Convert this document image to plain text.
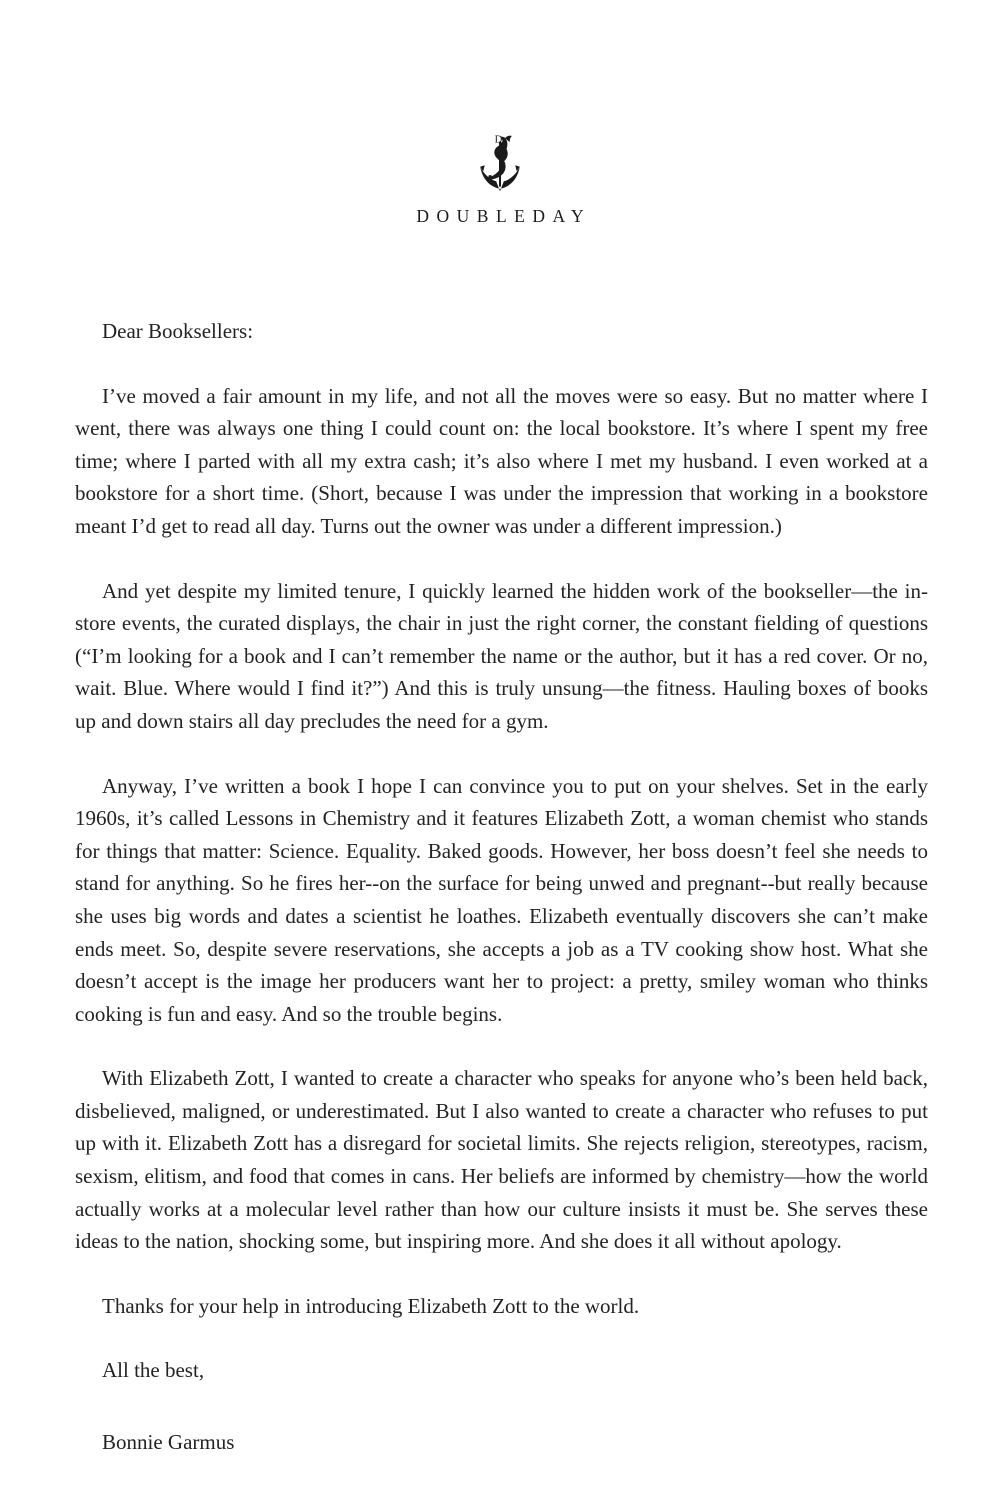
D
DOUBLEDAY

Dear Booksellers:

I’ve moved a fair amount in my life, and not all the moves were so easy. But no matter where I went, there was always one thing I could count on: the local bookstore. It’s where I spent my free time; where I parted with all my extra cash; it’s also where I met my husband. I even worked at a bookstore for a short time. (Short, because I was under the impression that working in a bookstore meant I’d get to read all day. Turns out the owner was under a different impression.)

And yet despite my limited tenure, I quickly learned the hidden work of the bookseller—the in-store events, the curated displays, the chair in just the right corner, the constant fielding of questions (“I’m looking for a book and I can’t remember the name or the author, but it has a red cover. Or no, wait. Blue. Where would I find it?”) And this is truly unsung—the fitness. Hauling boxes of books up and down stairs all day precludes the need for a gym.

Anyway, I’ve written a book I hope I can convince you to put on your shelves. Set in the early 1960s, it’s called Lessons in Chemistry and it features Elizabeth Zott, a woman chemist who stands for things that matter: Science. Equality. Baked goods. However, her boss doesn’t feel she needs to stand for anything. So he fires her--on the surface for being unwed and pregnant--but really because she uses big words and dates a scientist he loathes. Elizabeth eventually discovers she can’t make ends meet. So, despite severe reservations, she accepts a job as a TV cooking show host. What she doesn’t accept is the image her producers want her to project: a pretty, smiley woman who thinks cooking is fun and easy. And so the trouble begins.

With Elizabeth Zott, I wanted to create a character who speaks for anyone who’s been held back, disbelieved, maligned, or underestimated. But I also wanted to create a character who refuses to put up with it. Elizabeth Zott has a disregard for societal limits. She rejects religion, stereotypes, racism, sexism, elitism, and food that comes in cans. Her beliefs are informed by chemistry—how the world actually works at a molecular level rather than how our culture insists it must be. She serves these ideas to the nation, shocking some, but inspiring more. And she does it all without apology.

Thanks for your help in introducing Elizabeth Zott to the world.

All the best,

Bonnie Garmus
